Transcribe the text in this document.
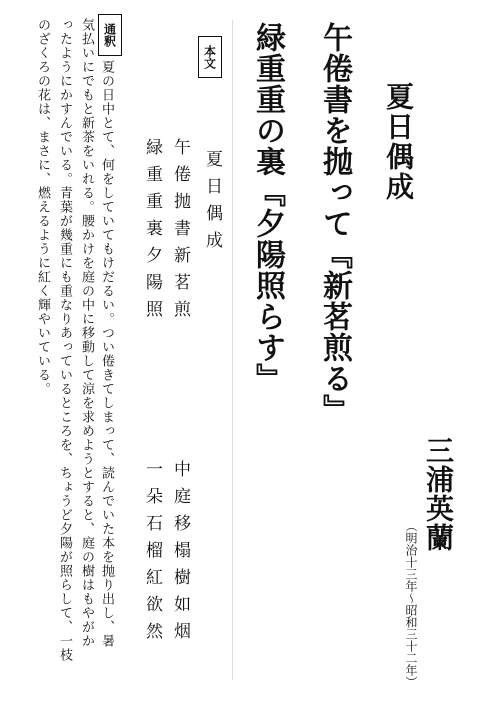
夏日偶成
三浦英蘭
（明治十三年～昭和三十二年）
午倦書を抛って『新茗煎る』
緑重重の裏『夕陽照らす』
本文
夏日偶成
午倦抛書新茗煎
緑重重裏夕陽照
中庭移榻樹如烟
一朵石榴紅欲然
通釈
夏の日中とて、何をしていてもけだるい。つい倦きてしまって、読んでいた本を抛り出し、暑
気払いにでもと新茶をいれる。腰かけを庭の中に移動して涼を求めようとすると、庭の樹はもやがか
ったようにかすんでいる。青葉が幾重にも重なりあっているところを、ちょうど夕陽が照らして、一枝
のざくろの花は、まさに、燃えるように紅く輝やいている。
